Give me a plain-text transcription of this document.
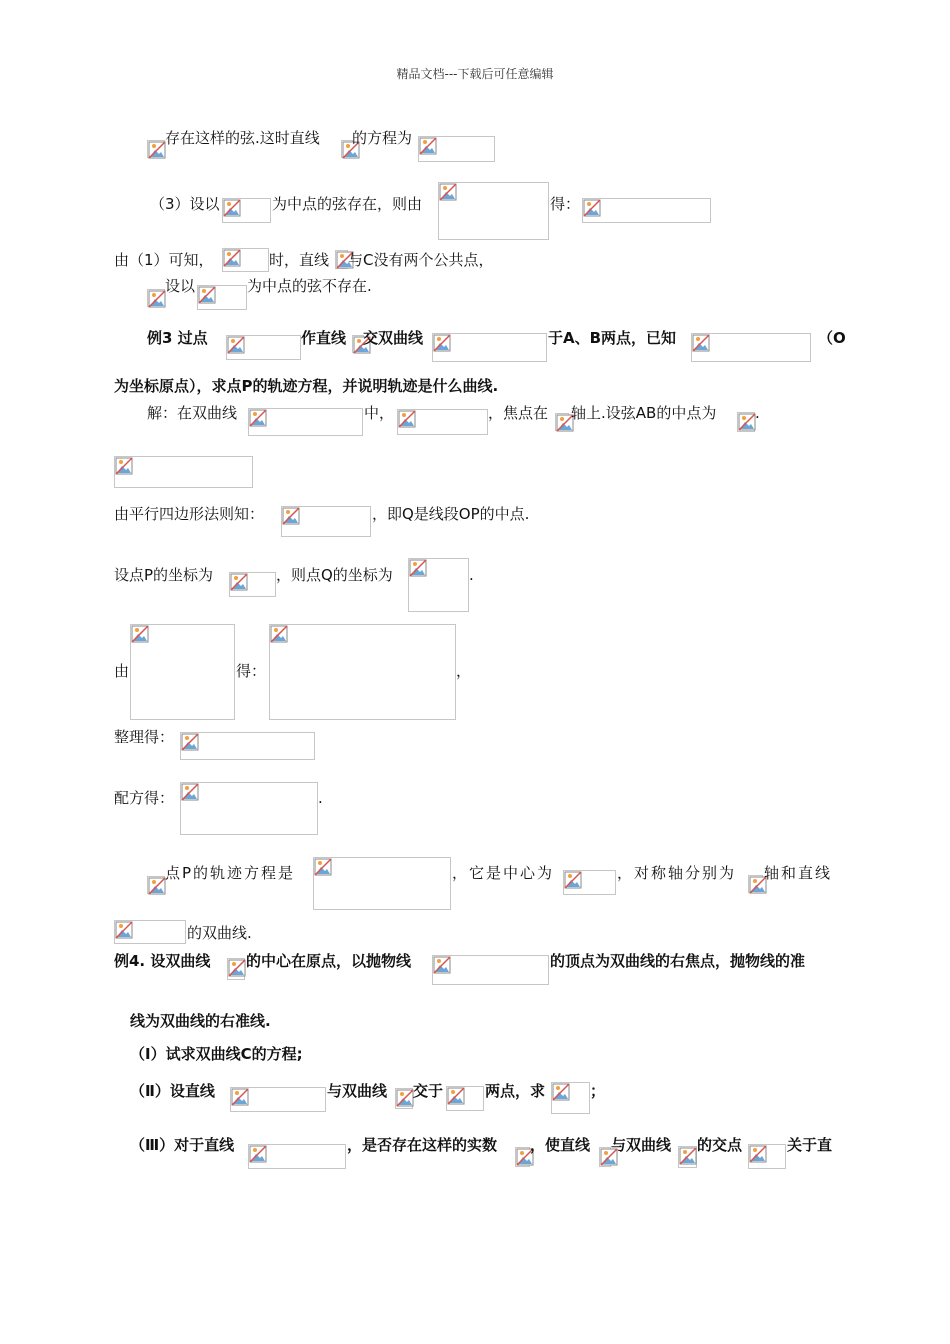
精品文档---下载后可任意编辑
存在这样的弦.这时直线 的方程为
（3）设以	为中点的弦存在，则由	得：
由（1）可知，	时，直线 与C没有两个公共点，
设以	为中点的弦不存在.
例3 过点	作直线 交双曲线	于A、B两点，已知	（O
为坐标原点），求点P的轨迹方程，并说明轨迹是什么曲线.
解：在双曲线	中，	，焦点在 轴上.设弦AB的中点为	.
由平行四边形法则知：	，即Q是线段OP的中点.
设点P的坐标为	，则点Q的坐标为	.
由	得：	，
整理得：
配方得：	.
点P的轨迹方程是	，它是中心为	，对称轴分别为 轴和直线
的双曲线.
例4. 设双曲线 的中心在原点，以抛物线	的顶点为双曲线的右焦点，抛物线的准
线为双曲线的右准线.
（Ⅰ）试求双曲线C的方程;
（Ⅱ）设直线	与双曲线 交于	两点，求	；
（Ⅲ）对于直线	，是否存在这样的实数 ，使直线 与双曲线 的交点	关于直
